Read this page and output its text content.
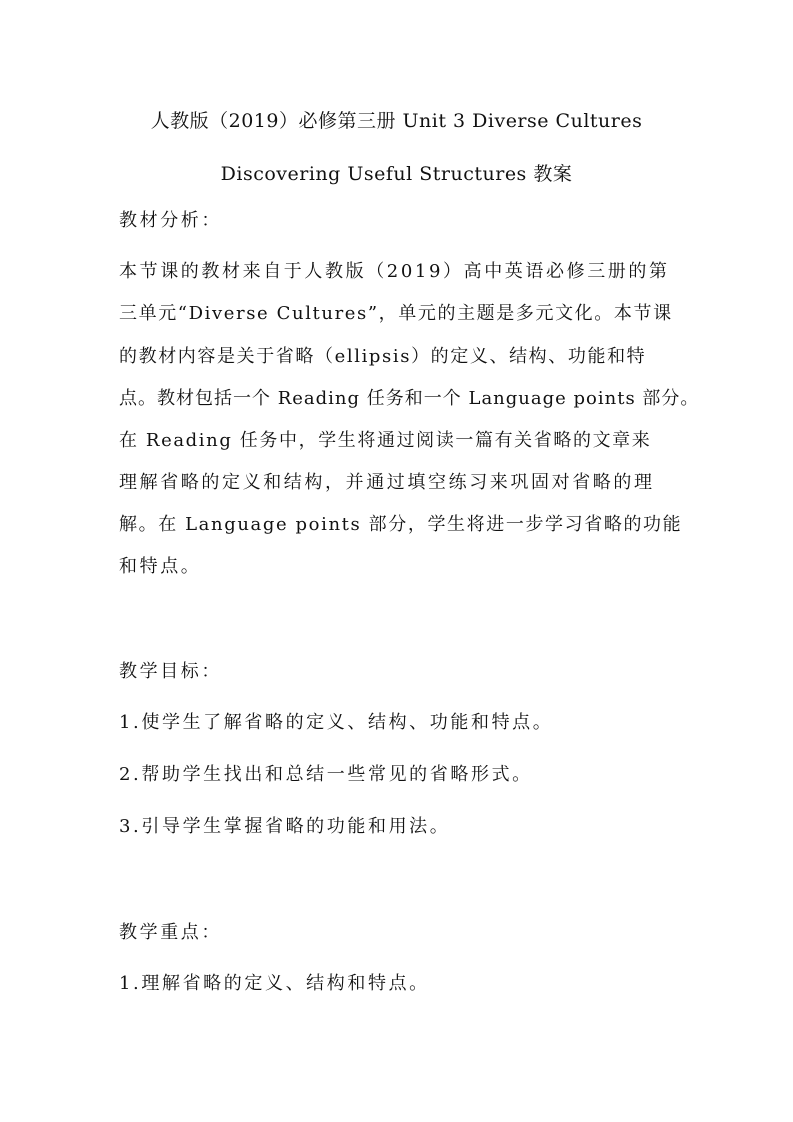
人教版（2019）必修第三册 Unit 3 Diverse Cultures
Discovering Useful Structures 教案
教材分析：
本节课的教材来自于人教版（2019）高中英语必修三册的第
三单元“Diverse Cultures”，单元的主题是多元文化。本节课
的教材内容是关于省略（ellipsis）的定义、结构、功能和特
点。教材包括一个 Reading 任务和一个 Language points 部分。
在 Reading 任务中，学生将通过阅读一篇有关省略的文章来
理解省略的定义和结构，并通过填空练习来巩固对省略的理
解。在 Language points 部分，学生将进一步学习省略的功能
和特点。
教学目标：
1.使学生了解省略的定义、结构、功能和特点。
2.帮助学生找出和总结一些常见的省略形式。
3.引导学生掌握省略的功能和用法。
教学重点：
1.理解省略的定义、结构和特点。
